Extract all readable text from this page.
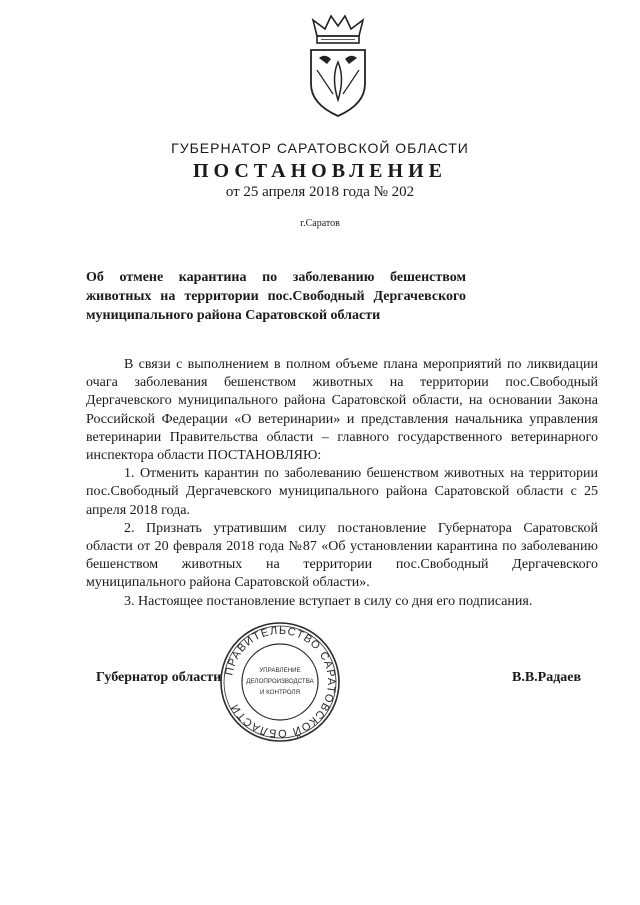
ГУБЕРНАТОР САРАТОВСКОЙ ОБЛАСТИ
ПОСТАНОВЛЕНИЕ
от 25 апреля 2018 года № 202
г.Саратов
Об отмене карантина по заболеванию бешенством животных на территории пос.Свободный Дергачевского муниципального района Саратовской области

В связи с выполнением в полном объеме плана мероприятий по ликвидации очага заболевания бешенством животных на территории пос.Свободный Дергачевского муниципального района Саратовской области, на основании Закона Российской Федерации «О ветеринарии» и представления начальника управления ветеринарии Правительства области – главного государственного ветеринарного инспектора области ПОСТАНОВЛЯЮ:

1. Отменить карантин по заболеванию бешенством животных на территории пос.Свободный Дергачевского муниципального района Саратовской области с 25 апреля 2018 года.

2. Признать утратившим силу постановление Губернатора Саратовской области от 20 февраля 2018 года №87 «Об установлении карантина по заболеванию бешенством животных на территории пос.Свободный Дергачевского муниципального района Саратовской области».

3. Настоящее постановление вступает в силу со дня его подписания.

Губернатор области	В.В.Радаев
ПРАВИТЕЛЬСТВО САРАТОВСКОЙ ОБЛАСТИ
УПРАВЛЕНИЕ
ДЕЛОПРОИЗВОДСТВА
И КОНТРОЛЯ
